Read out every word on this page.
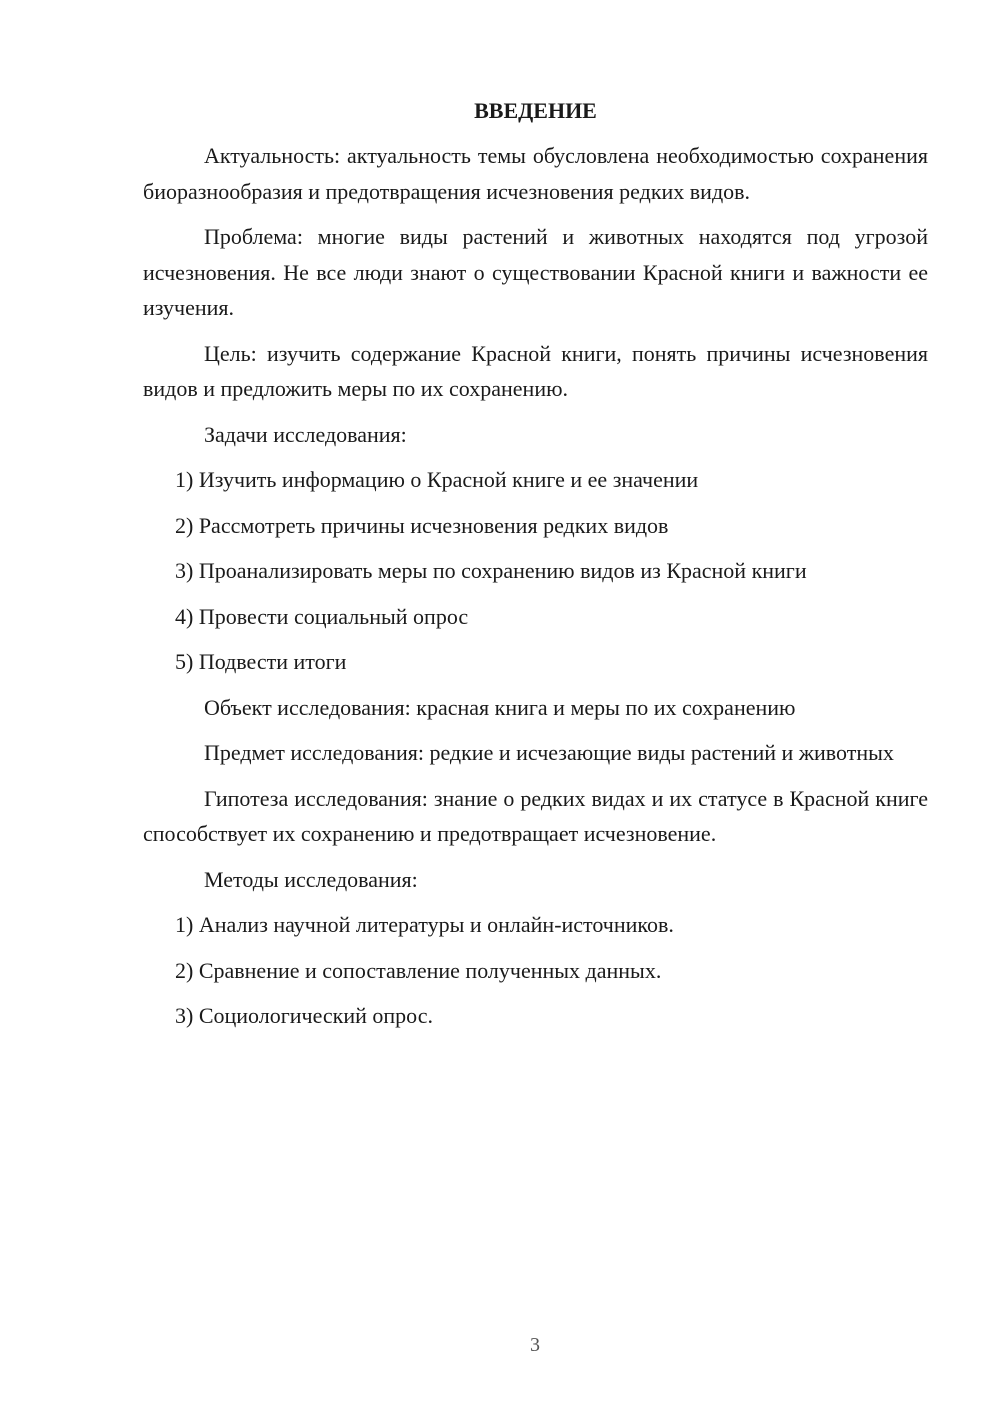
ВВЕДЕНИЕ

Актуальность: актуальность темы обусловлена необходимостью сохранения биоразнообразия и предотвращения исчезновения редких видов.

Проблема: многие виды растений и животных находятся под угрозой исчезновения. Не все люди знают о существовании Красной книги и важности ее изучения.

Цель: изучить содержание Красной книги, понять причины исчезновения видов и предложить меры по их сохранению.

Задачи исследования:

1) Изучить информацию о Красной книге и ее значении
2) Рассмотреть причины исчезновения редких видов
3) Проанализировать меры по сохранению видов из Красной книги
4) Провести социальный опрос
5) Подвести итоги

Объект исследования: красная книга и меры по их сохранению

Предмет исследования: редкие и исчезающие виды растений и животных

Гипотеза исследования: знание о редких видах и их статусе в Красной книге способствует их сохранению и предотвращает исчезновение.

Методы исследования:

1) Анализ научной литературы и онлайн-источников.
2) Сравнение и сопоставление полученных данных.
3) Социологический опрос.
3
